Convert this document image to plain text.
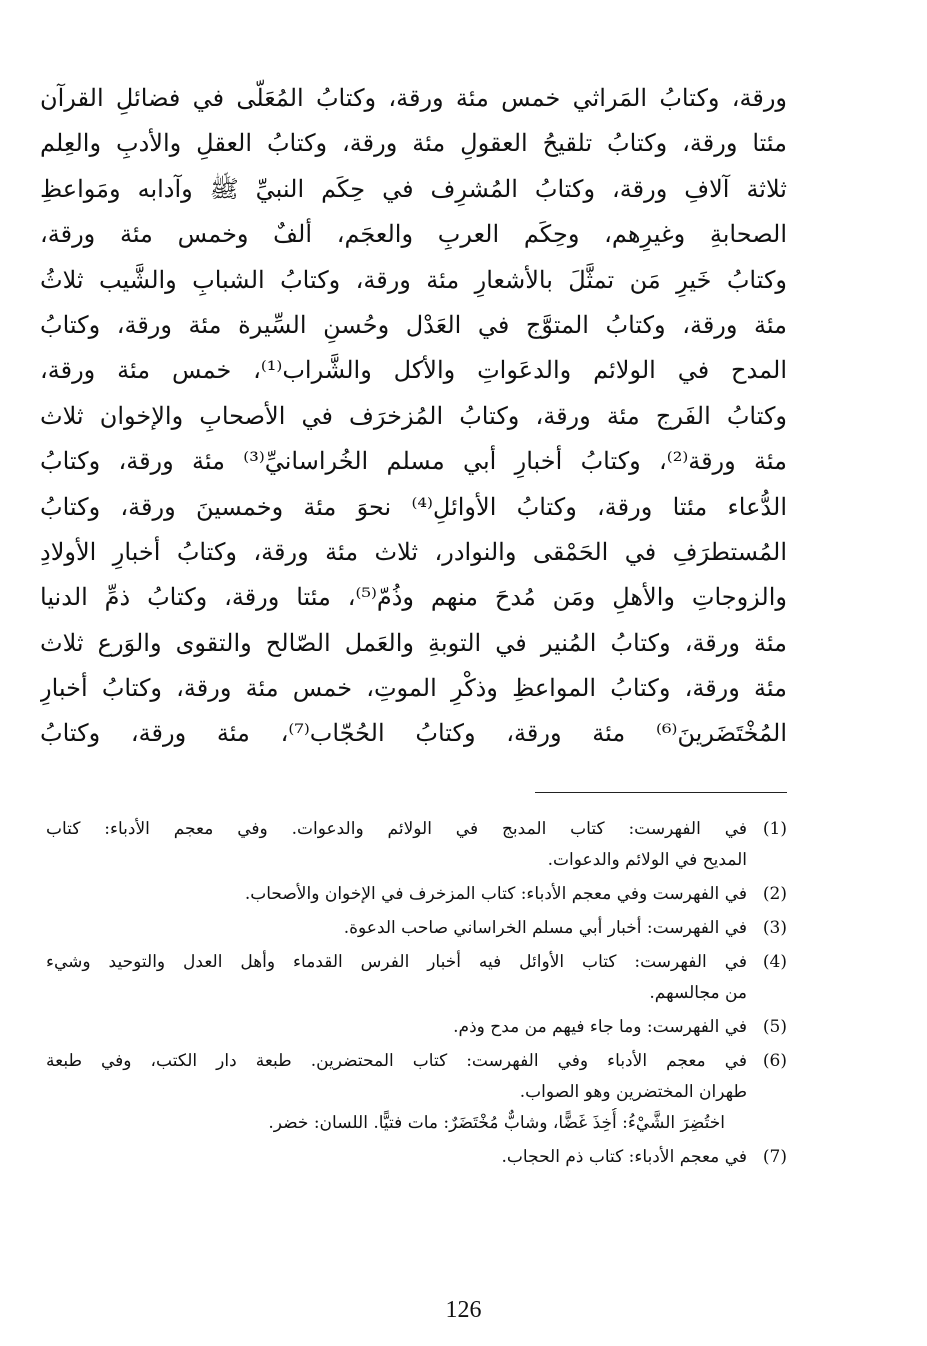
ورقة، وكتابُ المَراثي خمس مئة ورقة، وكتابُ المُعَلّى في فضائلِ القرآن
مئتا ورقة، وكتابُ تلقيحُ العقولِ مئة ورقة، وكتابُ العقلِ والأدبِ والعِلم
ثلاثة آلافِ ورقة، وكتابُ المُشرِف في حِكَم النبيِّ ﷺ وآدابه ومَواعظِ
الصحابةِ وغيرِهم، وحِكَم العربِ والعجَم، ألفٌ وخمس مئة ورقة،
وكتابُ خَيرِ مَن تمثَّلَ بالأشعارِ مئة ورقة، وكتابُ الشبابِ والشَّيب ثلاثُ
مئة ورقة، وكتابُ المتوَّج في العَدْل وحُسنِ السِّيرة مئة ورقة، وكتابُ
المدح في الولائم والدعَواتِ والأكل والشَّراب⁽¹⁾، خمس مئة ورقة،
وكتابُ الفَرج مئة ورقة، وكتابُ المُزخرَف في الأصحابِ والإخوان ثلاث
مئة ورقة⁽²⁾، وكتابُ أخبارِ أبي مسلم الخُراسانيِّ⁽³⁾ مئة ورقة، وكتابُ
الدُّعاء مئتا ورقة، وكتابُ الأوائلِ⁽⁴⁾ نحوَ مئة وخمسينَ ورقة، وكتابُ
المُستطرَفِ في الحَمْقى والنوادر، ثلاث مئة ورقة، وكتابُ أخبارِ الأولادِ
والزوجاتِ والأهلِ ومَن مُدحَ منهم وذُمّ⁽⁵⁾، مئتا ورقة، وكتابُ ذمِّ الدنيا
مئة ورقة، وكتابُ المُنير في التوبةِ والعَمل الصّالح والتقوى والوَرع ثلاث
مئة ورقة، وكتابُ المواعظِ وذكْرِ الموتِ، خمس مئة ورقة، وكتابُ أخبارِ
المُخْتَضَرينَ⁽⁶⁾ مئة ورقة، وكتابُ الحُجّاب⁽⁷⁾، مئة ورقة، وكتابُ
(1)
في الفهرست: كتاب المدبج في الولائم والدعوات. وفي معجم الأدباء: كتاب
المديح في الولائم والدعوات.
(2)
في الفهرست وفي معجم الأدباء: كتاب المزخرف في الإخوان والأصحاب.
(3)
في الفهرست: أخبار أبي مسلم الخراساني صاحب الدعوة.
(4)
في الفهرست: كتاب الأوائل فيه أخبار الفرس القدماء وأهل العدل والتوحيد وشيء
من مجالسهم.
(5)
في الفهرست: وما جاء فيهم من مدح وذم.
(6)
في معجم الأدباء وفي الفهرست: كتاب المحتضرين. طبعة دار الكتب، وفي طبعة
طهران المختضرين وهو الصواب.
اختُضِرَ الشَّيْءُ: أُخِذَ غَضًّا، وشابٌّ مُخْتَضَرٌ: مات فتيًّا. اللسان: خضر.
(7)
في معجم الأدباء: كتاب ذم الحجاب.
126
